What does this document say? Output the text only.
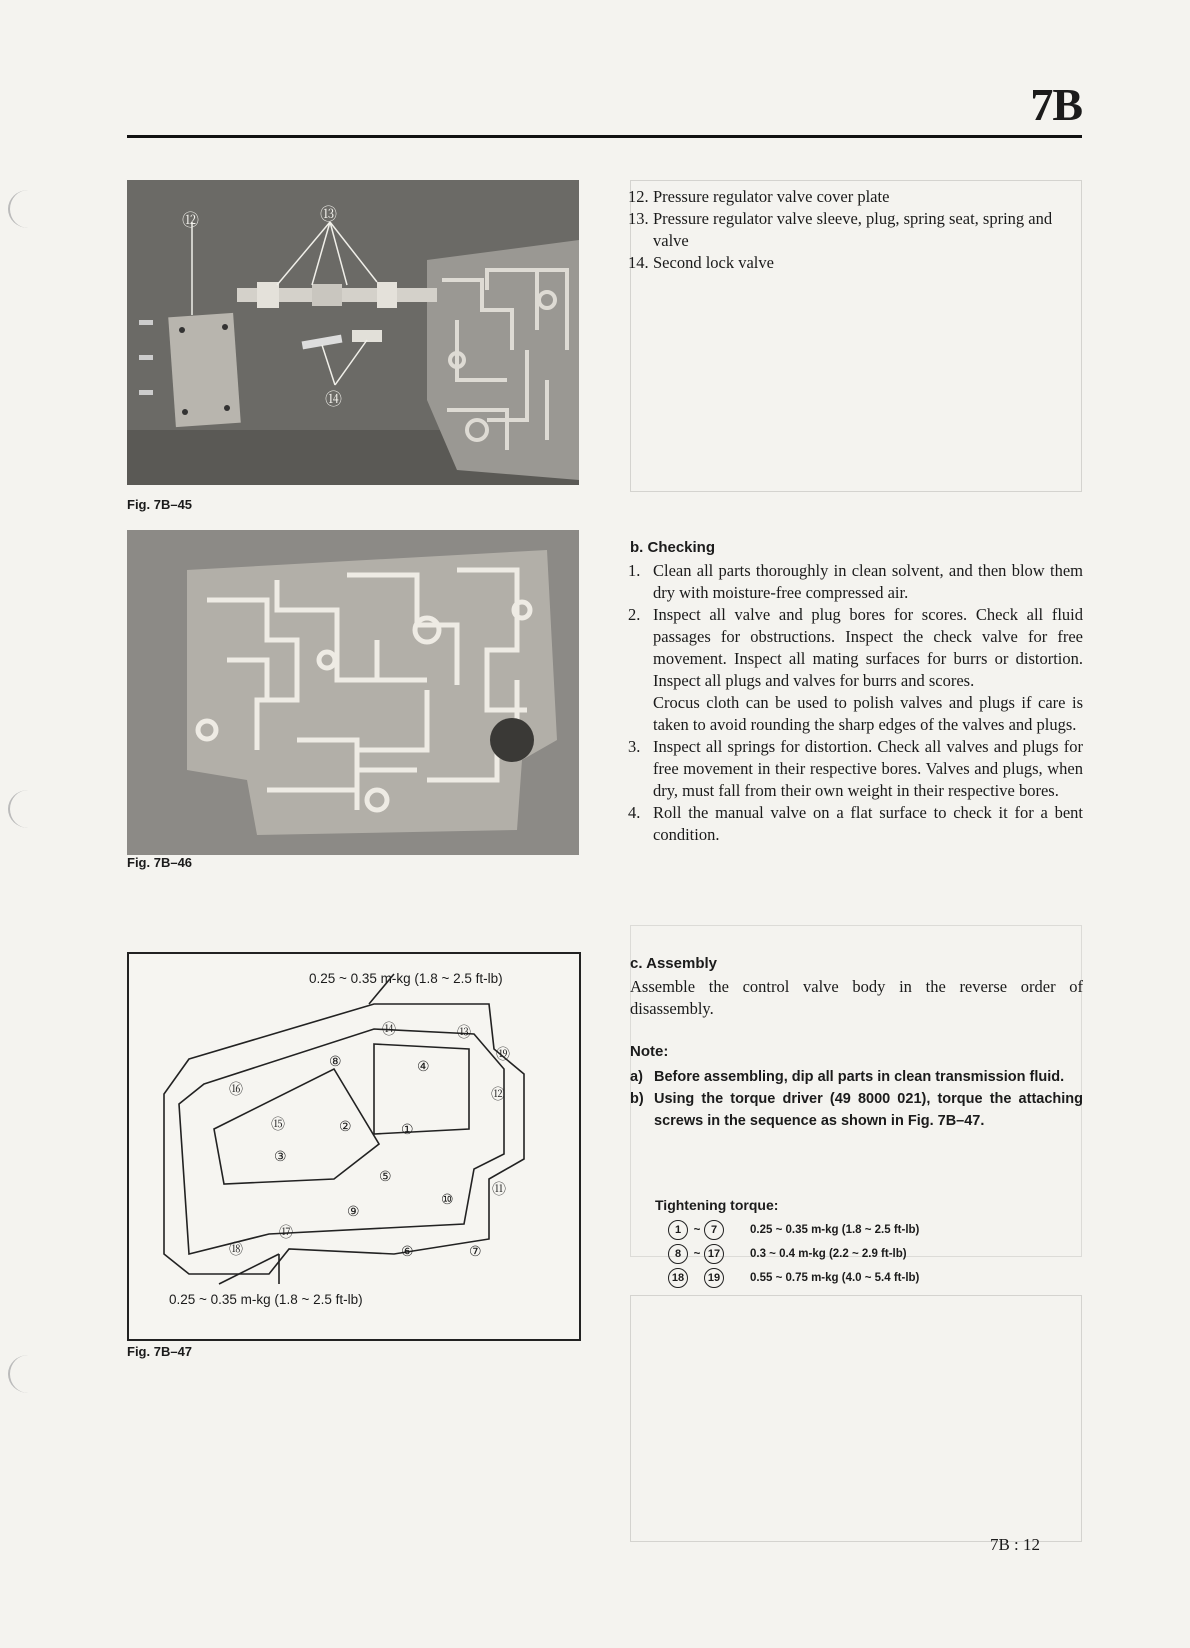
7B
⑫	⑬
⑭
Fig. 7B–45
Fig. 7B–46
0.25 ~ 0.35 m-kg (1.8 ~ 2.5 ft-lb)
0.25 ~ 0.35 m-kg (1.8 ~ 2.5 ft-lb)
①
②
③
④
⑤
⑥	⑦
⑧
⑨
⑩
⑪
⑫
⑬
⑭
⑮
⑯
⑰
⑱
⑲
Fig. 7B–47
12. Pressure regulator valve cover plate
13. Pressure regulator valve sleeve, plug, spring seat, spring and valve
14. Second lock valve
b. Checking
1. Clean all parts thoroughly in clean solvent, and then blow them dry with moisture-free compressed air.
2. Inspect all valve and plug bores for scores. Check all fluid passages for obstructions. Inspect the check valve for free movement. Inspect all mating surfaces for burrs or distortion. Inspect all plugs and valves for burrs and scores.
Crocus cloth can be used to polish valves and plugs if care is taken to avoid rounding the sharp edges of the valves and plugs.
3. Inspect all springs for distortion. Check all valves and plugs for free movement in their respective bores. Valves and plugs, when dry, must fall from their own weight in their respective bores.
4. Roll the manual valve on a flat surface to check it for a bent condition.
c. Assembly
Assemble the control valve body in the reverse order of disassembly.
Note:
a) Before assembling, dip all parts in clean transmission fluid.
b) Using the torque driver (49 8000 021), torque the attaching screws in the sequence as shown in Fig. 7B–47.
Tightening torque:
1	~	7	0.25 ~ 0.35 m-kg (1.8 ~ 2.5 ft-lb)
8	~	17	0.3 ~ 0.4 m-kg (2.2 ~ 2.9 ft-lb)
18		19	0.55 ~ 0.75 m-kg (4.0 ~ 5.4 ft-lb)
7B : 12
